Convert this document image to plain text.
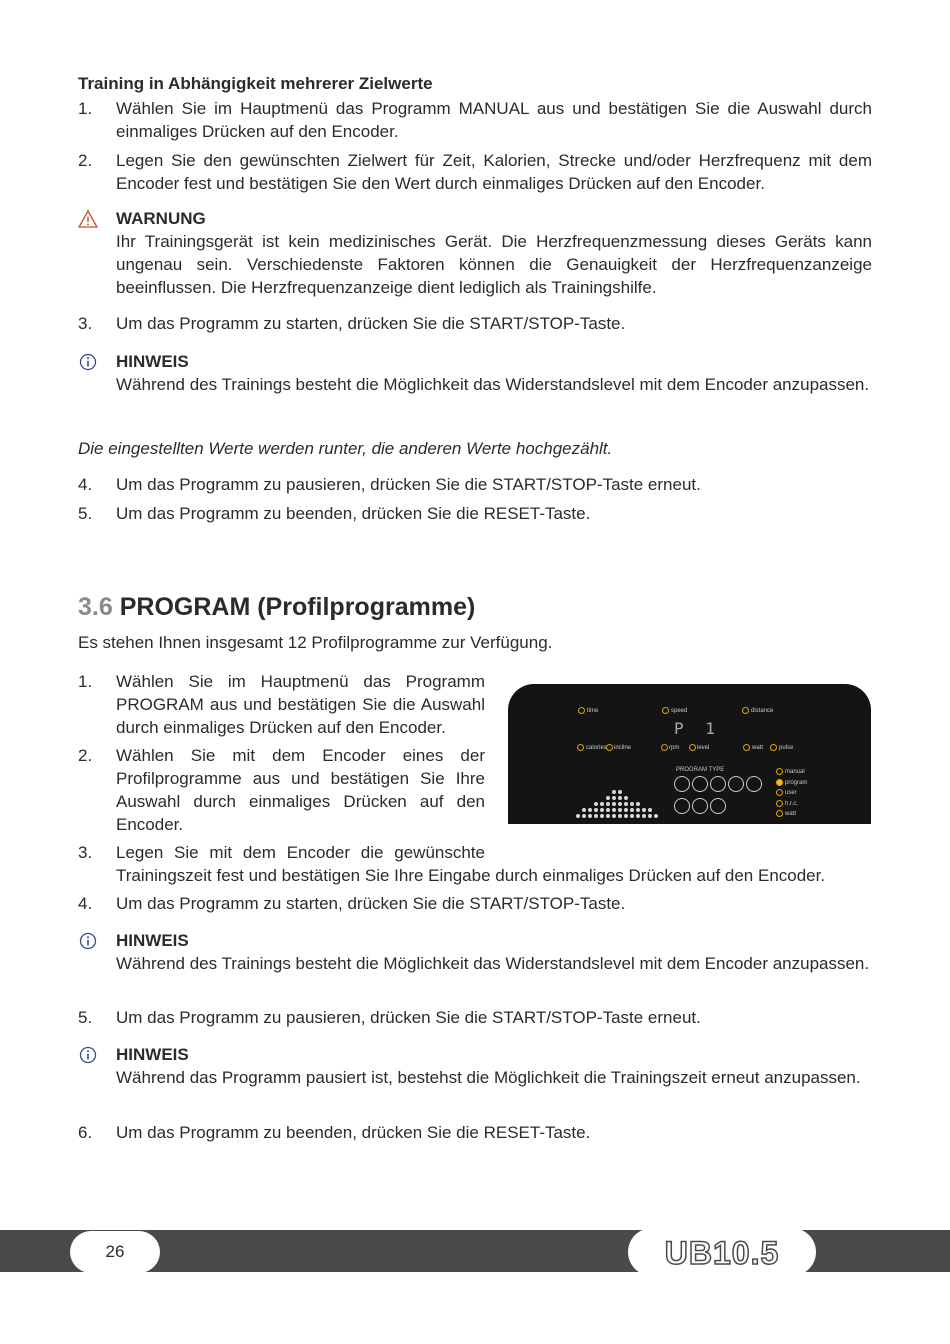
Training in Abhängigkeit mehrerer Zielwerte
1.	Wählen Sie im Hauptmenü das Programm MANUAL aus und bestätigen Sie die Auswahl durch einmaliges Drücken auf den Encoder.
2.	Legen Sie den gewünschten Zielwert für Zeit, Kalorien, Strecke und/oder Herzfrequenz mit dem Encoder fest und bestätigen Sie den Wert durch einmaliges Drücken auf den Encoder.
WARNUNG
Ihr Trainingsgerät ist kein medizinisches Gerät. Die Herzfrequenzmessung dieses Geräts kann ungenau sein. Verschiedenste Faktoren können die Genauigkeit der Herzfrequenzanzeige beeinflussen. Die Herzfrequenzanzeige dient lediglich als Trainingshilfe.
3.	Um das Programm zu starten, drücken Sie die START/STOP-Taste.
HINWEIS
Während des Trainings besteht die Möglichkeit das Widerstandslevel mit dem Encoder anzupassen.
Die eingestellten Werte werden runter, die anderen Werte hochgezählt.
4.	Um das Programm zu pausieren, drücken Sie die START/STOP-Taste erneut.
5.	Um das Programm zu beenden, drücken Sie die RESET-Taste.
3.6 PROGRAM (Profilprogramme)
Es stehen Ihnen insgesamt 12 Profilprogramme zur Verfügung.
1.	Wählen Sie im Hauptmenü das Programm PROGRAM aus und bestätigen Sie die Auswahl durch einmaliges Drücken auf den Encoder.
2.	Wählen Sie mit dem Encoder eines der Profilprogramme aus und bestätigen Sie Ihre Auswahl durch einmaliges Drücken auf den Encoder.
3.	Legen Sie mit dem Encoder die gewünschte
Trainingszeit fest und bestätigen Sie Ihre Eingabe durch einmaliges Drücken auf den Encoder.
4.	Um das Programm zu starten, drücken Sie die START/STOP-Taste.
HINWEIS
Während des Trainings besteht die Möglichkeit das Widerstandslevel mit dem Encoder anzupassen.
5.	Um das Programm zu pausieren, drücken Sie die START/STOP-Taste erneut.
HINWEIS
Während das Programm pausiert ist, bestehst die Möglichkeit die Trainingszeit erneut anzupassen.
6.	Um das Programm zu beenden, drücken Sie die RESET-Taste.
time	speed	distance
P 1
calories incline	rpm	level	watt	pulse
PROGRAM TYPE	manual
program
user
h.r.c.
watt
26	UB10.5
